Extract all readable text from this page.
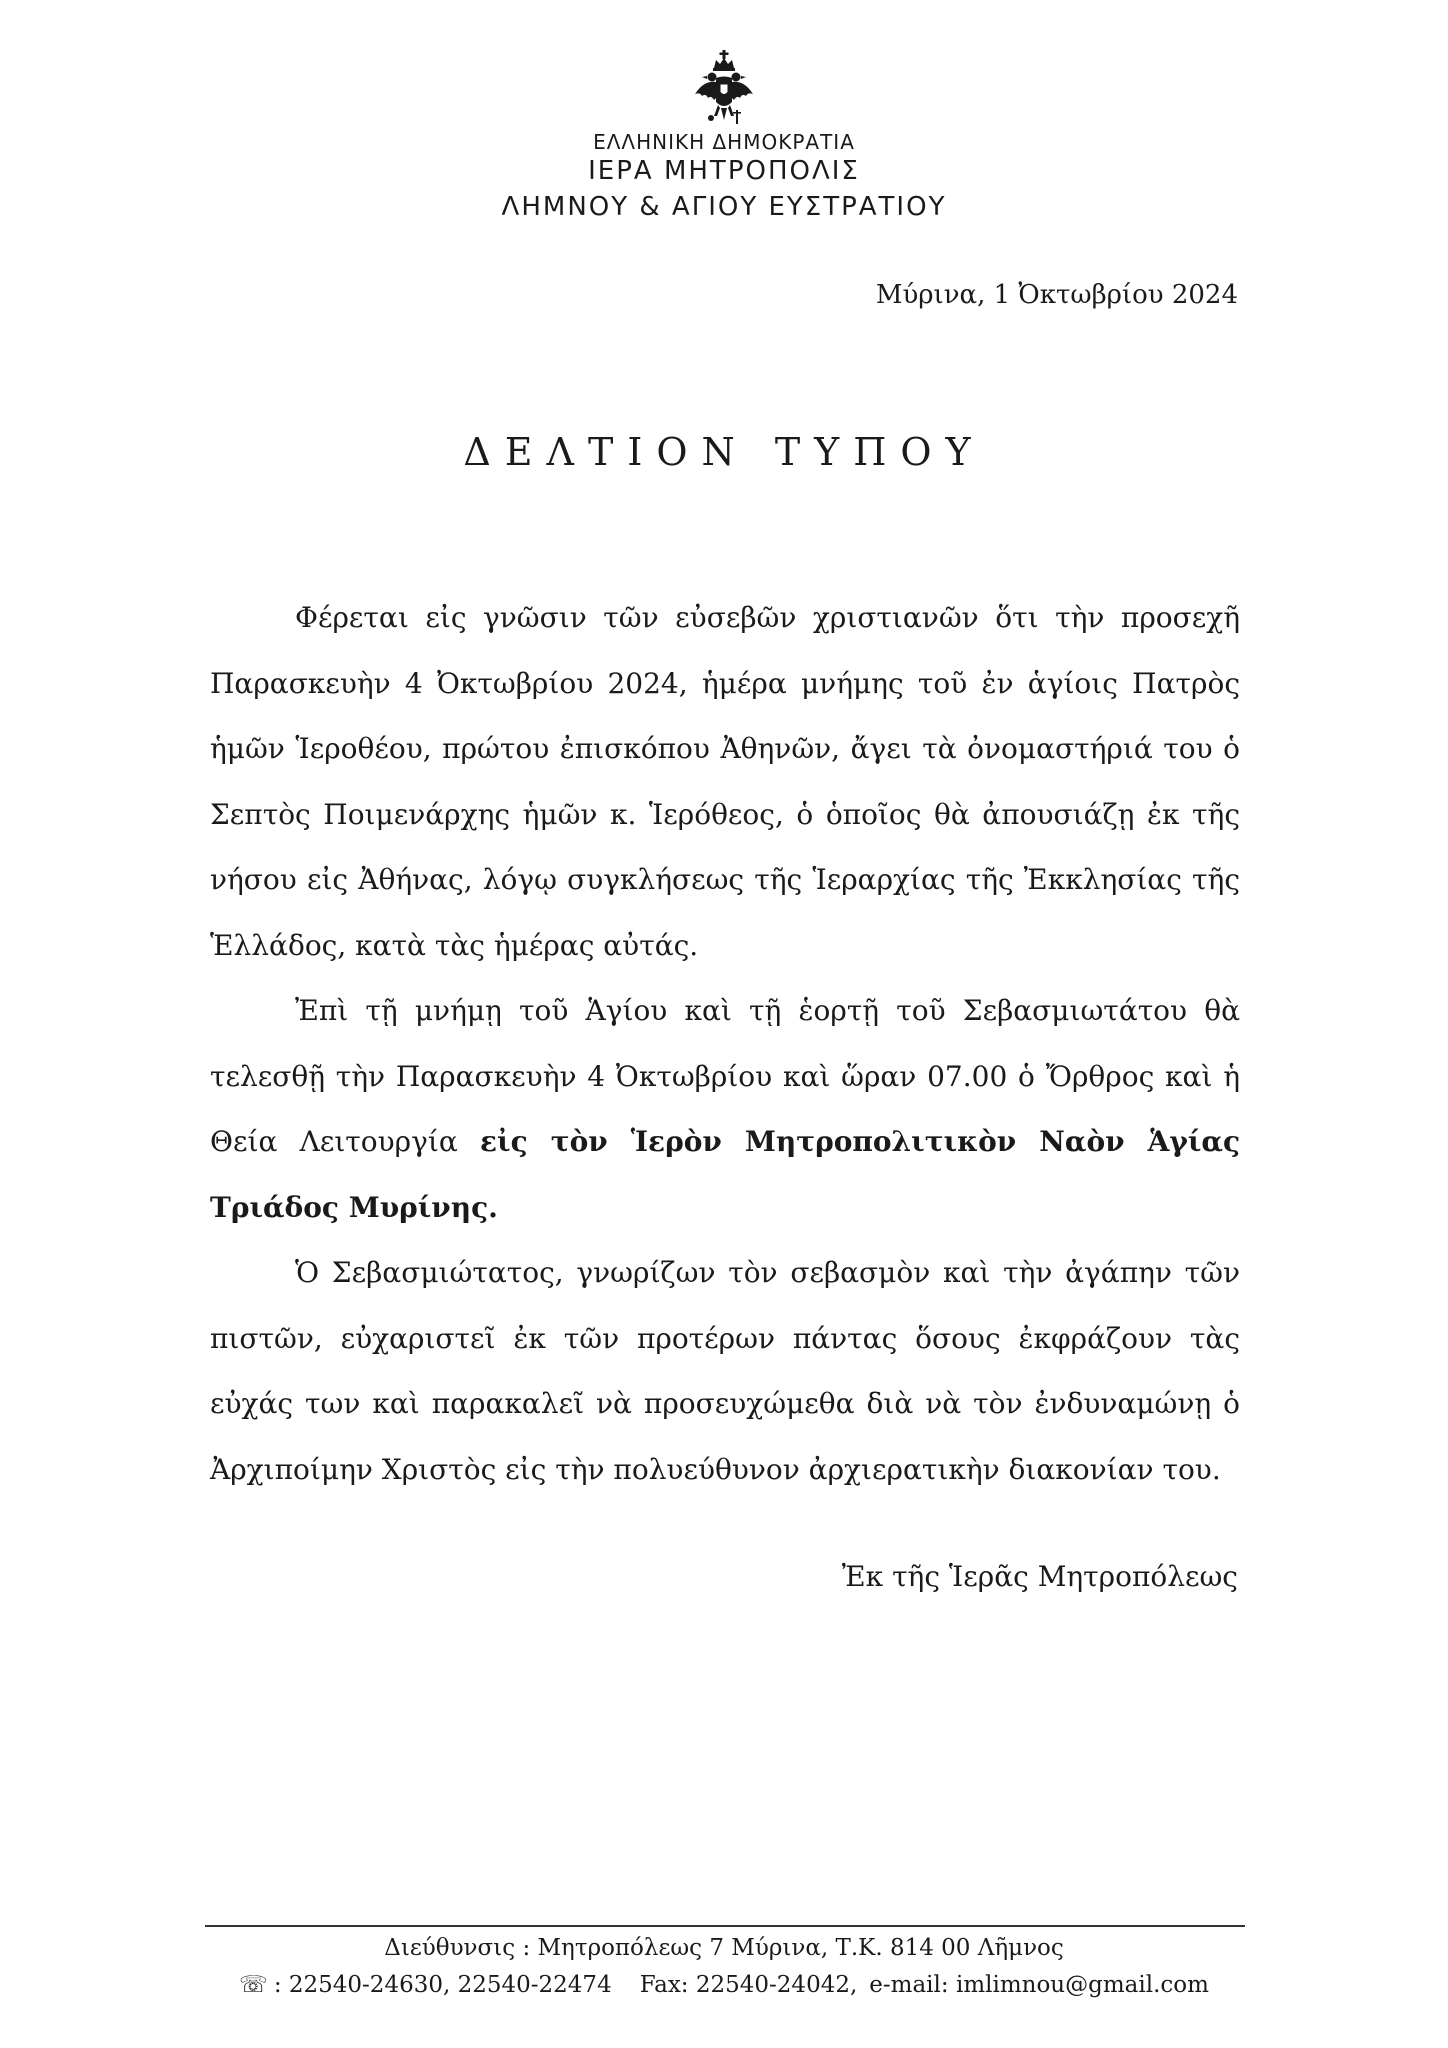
ΕΛΛΗΝΙΚΗ ΔΗΜΟΚΡΑΤΙΑ
ΙΕΡΑ ΜΗΤΡΟΠΟΛΙΣ
ΛΗΜΝΟΥ & ΑΓΙΟΥ ΕΥΣΤΡΑΤΙΟΥ
Μύρινα, 1 Ὀκτωβρίου 2024
ΔΕΛΤΙΟΝ ΤΥΠΟΥ

Φέρεται εἰς γνῶσιν τῶν εὐσεβῶν χριστιανῶν ὅτι τὴν προσεχῆ Παρασκευὴν 4 Ὀκτωβρίου 2024, ἡμέρα μνήμης τοῦ ἐν ἁγίοις Πατρὸς ἡμῶν Ἱεροθέου, πρώτου ἐπισκόπου Ἀθηνῶν, ἄγει τὰ ὀνομαστήριά του ὁ Σεπτὸς Ποιμενάρχης ἡμῶν κ. Ἱερόθεος, ὁ ὁποῖος θὰ ἀπουσιάζῃ ἐκ τῆς νήσου εἰς Ἀθήνας, λόγῳ συγκλήσεως τῆς Ἱεραρχίας τῆς Ἐκκλησίας τῆς Ἑλλάδος, κατὰ τὰς ἡμέρας αὐτάς.

Ἐπὶ τῇ μνήμῃ τοῦ Ἁγίου καὶ τῇ ἑορτῇ τοῦ Σεβασμιωτάτου θὰ τελεσθῇ τὴν Παρασκευὴν 4 Ὀκτωβρίου καὶ ὥραν 07.00 ὁ Ὄρθρος καὶ ἡ Θεία Λειτουργία εἰς τὸν Ἱερὸν Μητροπολιτικὸν Ναὸν Ἁγίας Τριάδος Μυρίνης.

Ὁ Σεβασμιώτατος, γνωρίζων τὸν σεβασμὸν καὶ τὴν ἀγάπην τῶν πιστῶν, εὐχαριστεῖ ἐκ τῶν προτέρων πάντας ὅσους ἐκφράζουν τὰς εὐχάς των καὶ παρακαλεῖ νὰ προσευχώμεθα διὰ νὰ τὸν ἐνδυναμώνῃ ὁ Ἀρχιποίμην Χριστὸς εἰς τὴν πολυεύθυνον ἀρχιερατικὴν διακονίαν του.

Ἐκ τῆς Ἱερᾶς Μητροπόλεως
Διεύθυνσις : Μητροπόλεως 7 Μύρινα, Τ.Κ. 814 00 Λῆμνος
☏ : 22540-24630, 22540-22474 Fax: 22540-24042, e-mail: imlimnou@gmail.com
